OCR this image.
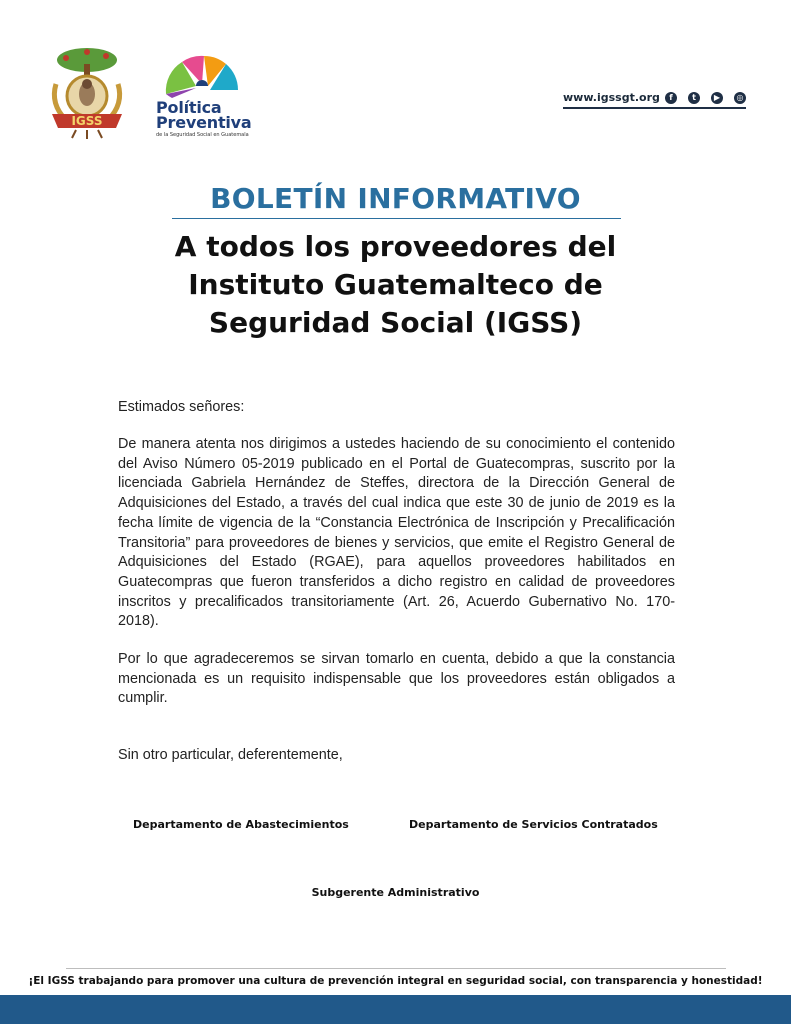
IGSS
Política
Preventiva
de la Seguridad Social en Guatemala
www.igssgt.org	f	t	▶	◎
BOLETÍN INFORMATIVO
A todos los proveedores del
Instituto Guatemalteco de
Seguridad Social (IGSS)
Estimados señores:
De manera atenta nos dirigimos a ustedes haciendo de su conocimiento el contenido del Aviso Número 05-2019 publicado en el Portal de Guatecompras, suscrito por la licenciada Gabriela Hernández de Steffes, directora de la Dirección General de Adquisiciones del Estado, a través del cual indica que este 30 de junio de 2019 es la fecha límite de vigencia de la “Constancia Electrónica de Inscripción y Precalificación Transitoria” para proveedores de bienes y servicios, que emite el Registro General de Adquisiciones del Estado (RGAE), para aquellos proveedores habilitados en Guatecompras que fueron transferidos a dicho registro en calidad de proveedores inscritos y precalificados transitoriamente (Art. 26, Acuerdo Gubernativo No. 170-2018).
Por lo que agradeceremos se sirvan tomarlo en cuenta, debido a que la constancia mencionada es un requisito indispensable que los proveedores están obligados a cumplir.
Sin otro particular, deferentemente,
Departamento de Abastecimientos	Departamento de Servicios Contratados
Subgerente Administrativo
¡El IGSS trabajando para promover una cultura de prevención integral en seguridad social, con transparencia y honestidad!
